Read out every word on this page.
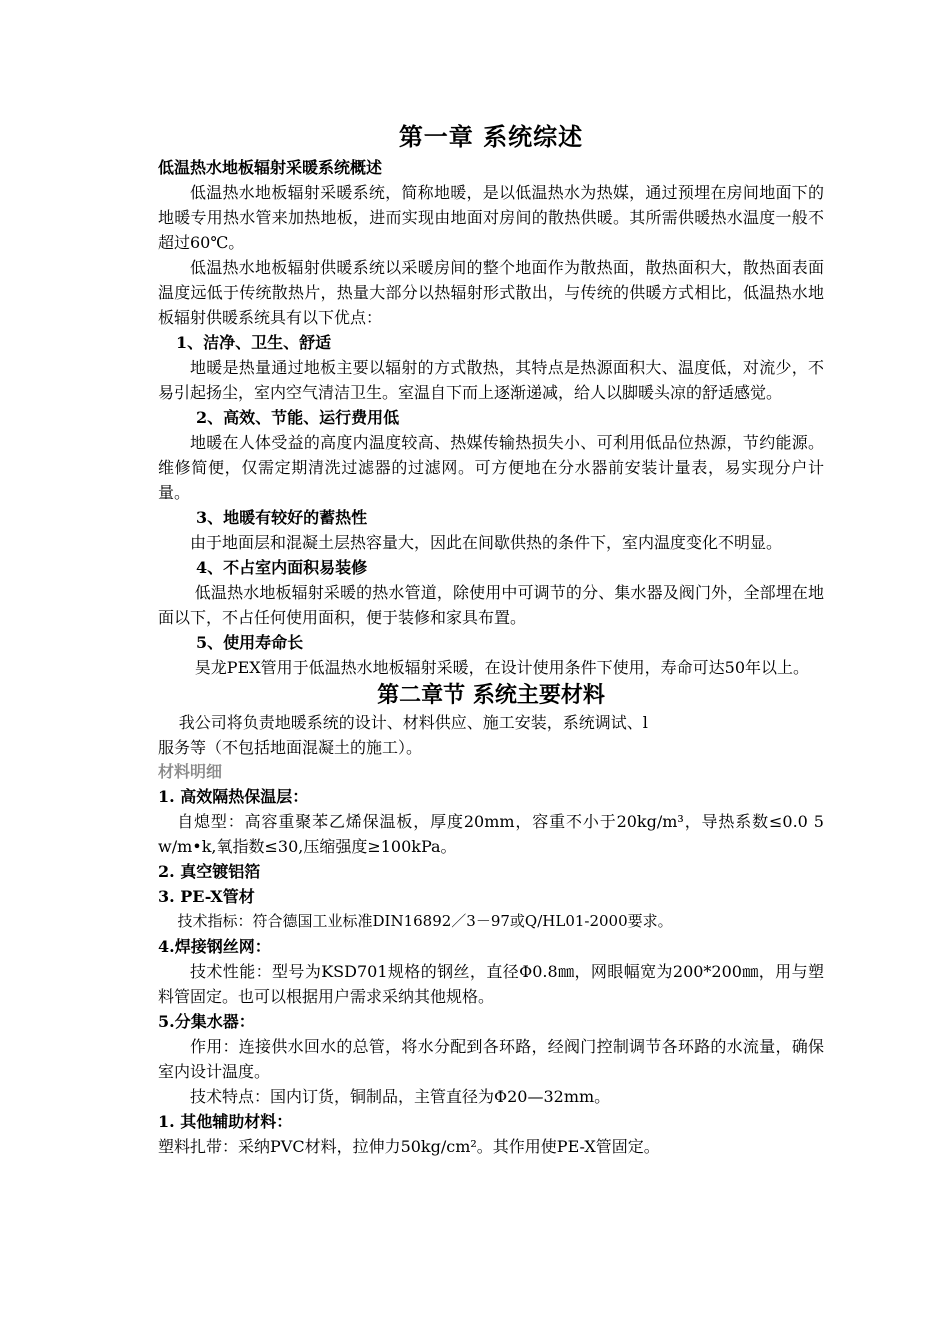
第一章 系统综述

低温热水地板辐射采暖系统概述

低温热水地板辐射采暖系统，简称地暖，是以低温热水为热媒，通过预埋在房间地面下的地暖专用热水管来加热地板，进而实现由地面对房间的散热供暖。其所需供暖热水温度一般不超过60℃。

低温热水地板辐射供暖系统以采暖房间的整个地面作为散热面，散热面积大，散热面表面温度远低于传统散热片，热量大部分以热辐射形式散出，与传统的供暖方式相比，低温热水地板辐射供暖系统具有以下优点：

1、洁净、卫生、舒适

地暖是热量通过地板主要以辐射的方式散热，其特点是热源面积大、温度低，对流少，不易引起扬尘，室内空气清洁卫生。室温自下而上逐渐递减，给人以脚暖头凉的舒适感觉。

2、高效、节能、运行费用低

地暖在人体受益的高度内温度较高、热媒传输热损失小、可利用低品位热源，节约能源。维修简便，仅需定期清洗过滤器的过滤网。可方便地在分水器前安装计量表，易实现分户计量。

3、地暖有较好的蓄热性

由于地面层和混凝土层热容量大，因此在间歇供热的条件下，室内温度变化不明显。

4、不占室内面积易装修

低温热水地板辐射采暖的热水管道，除使用中可调节的分、集水器及阀门外，全部埋在地面以下，不占任何使用面积，便于装修和家具布置。

5、使用寿命长

昊龙PEX管用于低温热水地板辐射采暖，在设计使用条件下使用，寿命可达50年以上。

第二章节 系统主要材料

我公司将负责地暖系统的设计、材料供应、施工安装，系统调试、l

服务等（不包括地面混凝土的施工）。

材料明细

1. 高效隔热保温层：

自熄型：高容重聚苯乙烯保温板，厚度20mm，容重不小于20kg/m³，导热系数≤0.0 5 w/m•k,氧指数≤30,压缩强度≥100kPa。

2. 真空镀铝箔

3. PE-X管材

技术指标：符合德国工业标准DIN16892／3－97或Q/HL01-2000要求。

4.焊接钢丝网：

技术性能：型号为KSD701规格的钢丝，直径Φ0.8㎜，网眼幅宽为200*200㎜，用与塑料管固定。也可以根据用户需求采纳其他规格。

5.分集水器：

作用：连接供水回水的总管，将水分配到各环路，经阀门控制调节各环路的水流量，确保室内设计温度。

技术特点：国内订货，铜制品，主管直径为Φ20—32mm。

1. 其他辅助材料：

塑料扎带：采纳PVC材料，拉伸力50kg/cm²。其作用使PE-X管固定。
